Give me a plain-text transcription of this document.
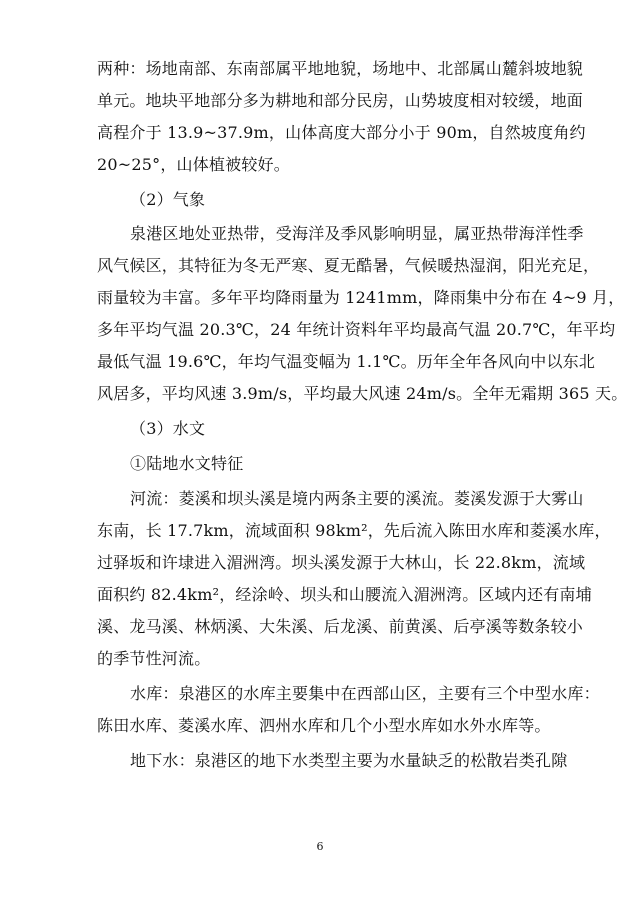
两种：场地南部、东南部属平地地貌，场地中、北部属山麓斜坡地貌
单元。地块平地部分多为耕地和部分民房，山势坡度相对较缓，地面
高程介于 13.9~37.9m，山体高度大部分小于 90m，自然坡度角约
20~25°，山体植被较好。
（2）气象
泉港区地处亚热带，受海洋及季风影响明显，属亚热带海洋性季
风气候区，其特征为冬无严寒、夏无酷暑，气候暖热湿润，阳光充足，
雨量较为丰富。多年平均降雨量为 1241mm，降雨集中分布在 4~9 月，
多年平均气温 20.3℃，24 年统计资料年平均最高气温 20.7℃，年平均
最低气温 19.6℃，年均气温变幅为 1.1℃。历年全年各风向中以东北
风居多，平均风速 3.9m/s，平均最大风速 24m/s。全年无霜期 365 天。
（3）水文
①陆地水文特征
河流：菱溪和坝头溪是境内两条主要的溪流。菱溪发源于大雾山
东南，长 17.7km，流域面积 98km²，先后流入陈田水库和菱溪水库，
过驿坂和许埭进入湄洲湾。坝头溪发源于大林山，长 22.8km，流域
面积约 82.4km²，经涂岭、坝头和山腰流入湄洲湾。区域内还有南埔
溪、龙马溪、林炳溪、大朱溪、后龙溪、前黄溪、后亭溪等数条较小
的季节性河流。
水库：泉港区的水库主要集中在西部山区，主要有三个中型水库：
陈田水库、菱溪水库、泗州水库和几个小型水库如水外水库等。
地下水：泉港区的地下水类型主要为水量缺乏的松散岩类孔隙
6
